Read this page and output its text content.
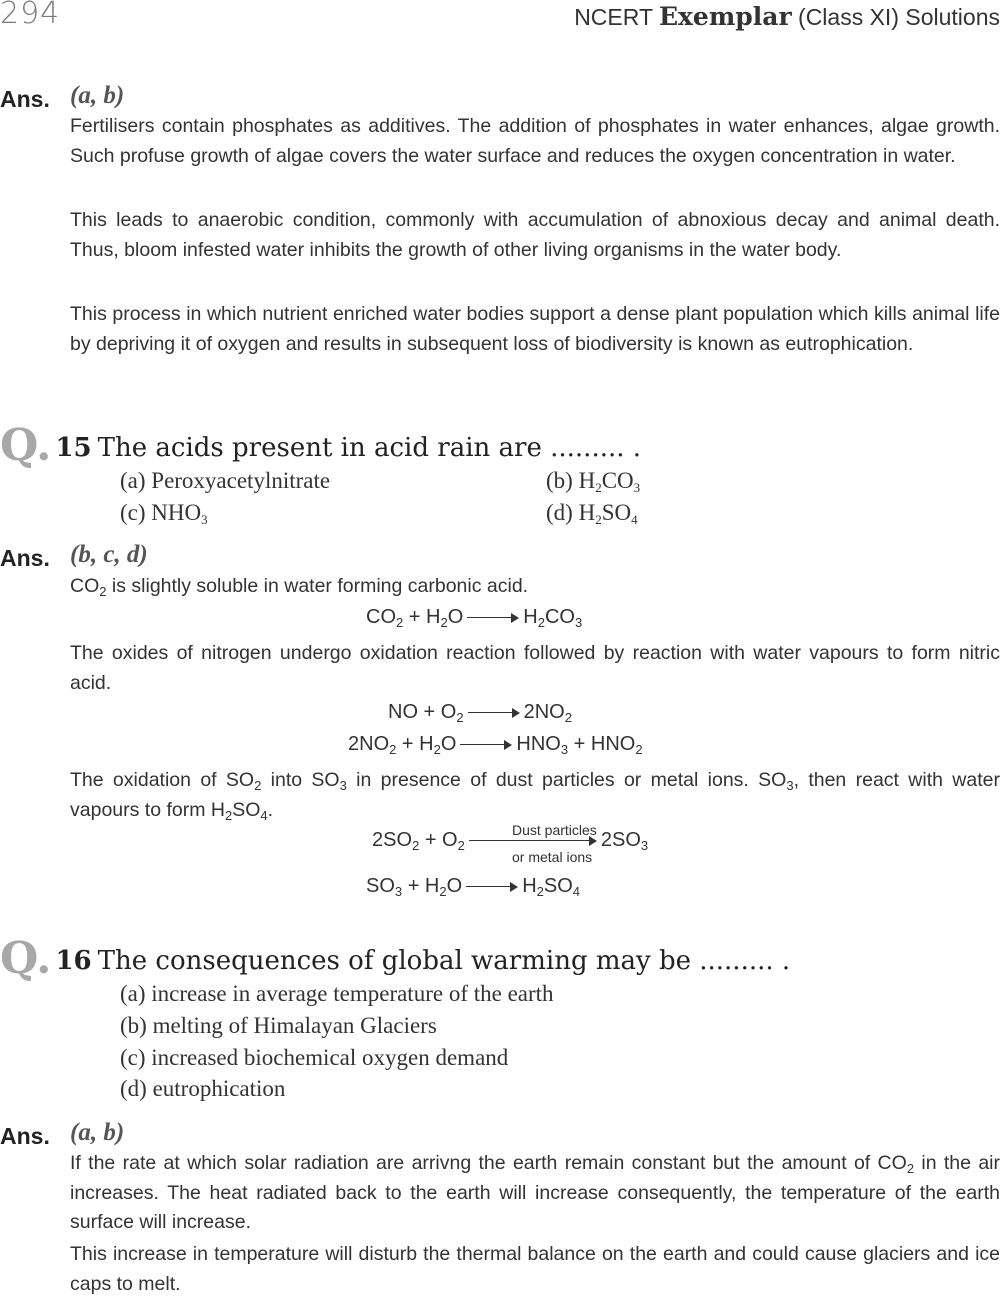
294	NCERT Exemplar (Class XI) Solutions
Ans. (a, b)
Fertilisers contain phosphates as additives. The addition of phosphates in water enhances, algae growth. Such profuse growth of algae covers the water surface and reduces the oxygen concentration in water.
This leads to anaerobic condition, commonly with accumulation of abnoxious decay and animal death. Thus, bloom infested water inhibits the growth of other living organisms in the water body.
This process in which nutrient enriched water bodies support a dense plant population which kills animal life by depriving it of oxygen and results in subsequent loss of biodiversity is known as eutrophication.
Q. 15 The acids present in acid rain are ......... .
(a) Peroxyacetylnitrate	(b) $H_2CO_3$
(c) $NHO_3$	(d) $H_2SO_4$
Ans. (b, c, d)
$CO_2$ is slightly soluble in water forming carbonic acid.
$CO_2 + H_2O$	$H_2CO_3$
The oxides of nitrogen undergo oxidation reaction followed by reaction with water vapours to form nitric acid.
NO + $O_2$	$2NO_2$
$2NO_2 + H_2O$	$HNO_3 + HNO_2$
The oxidation of $SO_2$ into $SO_3$ in presence of dust particles or metal ions. $SO_3$, then react with water vapours to form $H_2SO_4$.
$2SO_2 + O_2$	$2SO_3$
Dust particles
or metal ions
$SO_3 + H_2O$	$H_2SO_4$
Q. 16 The consequences of global warming may be ......... .
(a) increase in average temperature of the earth
(b) melting of Himalayan Glaciers
(c) increased biochemical oxygen demand
(d) eutrophication
Ans. (a, b)
If the rate at which solar radiation are arrivng the earth remain constant but the amount of $CO_2$ in the air increases. The heat radiated back to the earth will increase consequently, the temperature of the earth surface will increase.
This increase in temperature will disturb the thermal balance on the earth and could cause glaciers and ice caps to melt.
